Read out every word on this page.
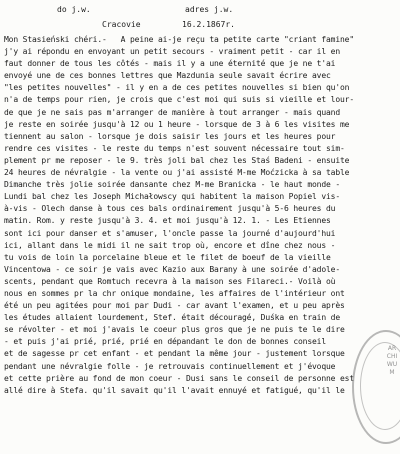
do j.w.	adres j.w.
Cracovie	16.2.1867r.
Mon Stasieński chéri.-   A peine ai-je reçu ta petite carte "criant famine"
j'y ai répondu en envoyant un petit secours - vraiment petit - car il en
faut donner de tous les côtés - mais il y a une éternité que je ne t'ai
envoyé une de ces bonnes lettres que Mazdunia seule savait écrire avec
"les petites nouvelles" - il y en a de ces petites nouvelles si bien qu'on
n'a de temps pour rien, je crois que c'est moi qui suis si vieille et lour-
de que je ne sais pas m'arranger de manière à tout arranger - mais quand
je reste en soirée jusqu'à 12 ou 1 heure - lorsque de 3 à 6 les visites me
tiennent au salon - lorsque je dois saisir les jours et les heures pour
rendre ces visites - le reste du temps n'est souvent nécessaire tout sim-
plement pr me reposer - le 9. très joli bal chez les Staś Badeni - ensuite
24 heures de névralgie - la vente ou j'ai assisté M-me Moćzicka à sa table
Dimanche très jolie soirée dansante chez M-me Branicka - le haut monde -
Lundi bal chez les Joseph Michałowscy qui habitent la maison Popiel vis-
à-vis - Olech danse à tous ces bals ordinairement jusqu'à 5-6 heures du
matin. Rom. y reste jusqu'à 3. 4. et moi jusqu'à 12. 1. - Les Etiennes
sont ici pour danser et s'amuser, l'oncle passe la journé d'aujourd'hui
ici, allant dans le midi il ne sait trop où, encore et dîne chez nous -
tu vois de loin la porcelaine bleue et le filet de boeuf de la vieille
Vincentowa - ce soir je vais avec Kazio aux Barany à une soirée d'adole-
scents, pendant que Romtuch recevra à la maison ses Filareci.- Voilà où
nous en sommes pr la chr onique mondaine, les affaires de l'intérieur ont
été un peu agitées pour moi par Dudi - car avant l'examen, et u peu après
les études allaient lourdement, Stef. était découragé, Duśka en train de
se révolter - et moi j'avais le coeur plus gros que je ne puis te le dire
- et puis j'ai prié, prié, prié en dépandant le don de bonnes conseil
et de sagesse pr cet enfant - et pendant la même jour - justement lorsque
pendant une névralgie folle - je retrouvais continuellement et j'évoque
et cette prière au fond de mon coeur - Dusi sans le conseil de personne est
allé dire à Stefa. qu'il savait qu'il l'avait ennuyé et fatigué, qu'il le
ARCHIWUM
